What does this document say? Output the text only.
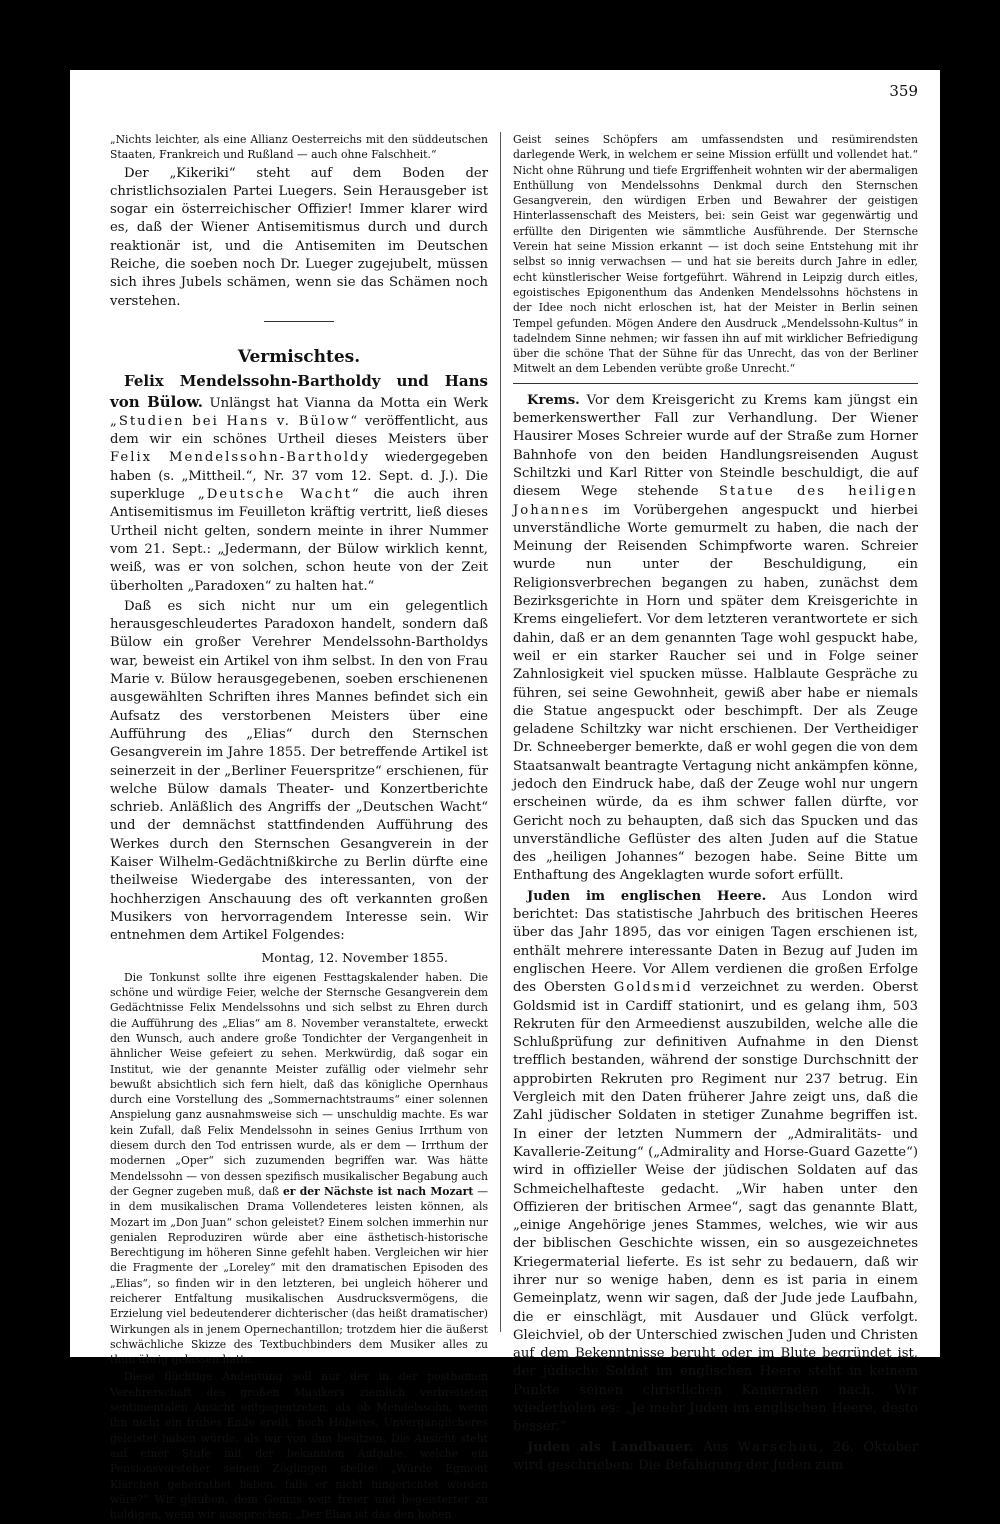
359

„Nichts leichter, als eine Allianz Oesterreichs mit den süddeutschen Staaten, Frankreich und Rußland — auch ohne Falschheit.“

Der „Kikeriki“ steht auf dem Boden der christlichsozialen Partei Luegers. Sein Herausgeber ist sogar ein österreichischer Offizier! Immer klarer wird es, daß der Wiener Antisemitismus durch und durch reaktionär ist, und die Antisemiten im Deutschen Reiche, die soeben noch Dr. Lueger zugejubelt, müssen sich ihres Jubels schämen, wenn sie das Schämen noch verstehen.

Vermischtes.

Felix Mendelssohn-Bartholdy und Hans von Bülow. Unlängst hat Vianna da Motta ein Werk „Studien bei Hans v. Bülow“ veröffentlicht, aus dem wir ein schönes Urtheil dieses Meisters über Felix Mendelssohn-Bartholdy wiedergegeben haben (s. „Mittheil.“, Nr. 37 vom 12. Sept. d. J.). Die superkluge „Deutsche Wacht“ die auch ihren Antisemitismus im Feuilleton kräftig vertritt, ließ dieses Urtheil nicht gelten, sondern meinte in ihrer Nummer vom 21. Sept.: „Jedermann, der Bülow wirklich kennt, weiß, was er von solchen, schon heute von der Zeit überholten „Paradoxen“ zu halten hat.“

Daß es sich nicht nur um ein gelegentlich herausgeschleudertes Paradoxon handelt, sondern daß Bülow ein großer Verehrer Mendelssohn-Bartholdys war, beweist ein Artikel von ihm selbst. In den von Frau Marie v. Bülow herausgegebenen, soeben erschienenen ausgewählten Schriften ihres Mannes befindet sich ein Aufsatz des verstorbenen Meisters über eine Aufführung des „Elias“ durch den Sternschen Gesangverein im Jahre 1855. Der betreffende Artikel ist seinerzeit in der „Berliner Feuerspritze“ erschienen, für welche Bülow damals Theater- und Konzertberichte schrieb. Anläßlich des Angriffs der „Deutschen Wacht“ und der demnächst stattfindenden Aufführung des Werkes durch den Sternschen Gesangverein in der Kaiser Wilhelm-Gedächtnißkirche zu Berlin dürfte eine theilweise Wiedergabe des interessanten, von der hochherzigen Anschauung des oft verkannten großen Musikers von hervorragendem Interesse sein. Wir entnehmen dem Artikel Folgendes:

Montag, 12. November 1855.

Die Tonkunst sollte ihre eigenen Festtagskalender haben. Die schöne und würdige Feier, welche der Sternsche Gesangverein dem Gedächtnisse Felix Mendelssohns und sich selbst zu Ehren durch die Aufführung des „Elias“ am 8. November veranstaltete, erweckt den Wunsch, auch andere große Tondichter der Vergangenheit in ähnlicher Weise gefeiert zu sehen. Merkwürdig, daß sogar ein Institut, wie der genannte Meister zufällig oder vielmehr sehr bewußt absichtlich sich fern hielt, daß das königliche Opernhaus durch eine Vorstellung des „Sommernachtstraums“ einer solennen Anspielung ganz ausnahmsweise sich — unschuldig machte. Es war kein Zufall, daß Felix Mendelssohn in seines Genius Irrthum von diesem durch den Tod entrissen wurde, als er dem — Irrthum der modernen „Oper“ sich zuzumenden begriffen war. Was hätte Mendelssohn — von dessen spezifisch musikalischer Begabung auch der Gegner zugeben muß, daß er der Nächste ist nach Mozart — in dem musikalischen Drama Vollendeteres leisten können, als Mozart im „Don Juan“ schon geleistet? Einem solchen immerhin nur genialen Reproduziren würde aber eine ästhetisch-historische Berechtigung im höheren Sinne gefehlt haben. Vergleichen wir hier die Fragmente der „Loreley“ mit den dramatischen Episoden des „Elias“, so finden wir in den letzteren, bei ungleich höherer und reicherer Entfaltung musikalischen Ausdrucksvermögens, die Erzielung viel bedeutenderer dichterischer (das heißt dramatischer) Wirkungen als in jenem Opernechantillon; trotzdem hier die äußerst schwächliche Skizze des Textbuchbinders dem Musiker alles zu thun übrig gelassen hatte.

Diese flüchtige Andeutung soll nur der in der posthumen Verehrerschaft des großen Musikers ziemlich verbreiteten sentimentalen Ansicht entgegentreten, als ob Mendelssohn, wenn ihn nicht ein frühes Ende ereilt, noch Höheres, Unvergänglicheres geleistet haben würde, als wir von ihm besitzen. Die Ansicht steht auf einer Stufe mit der bekannten Aufgabe, welche ein Pensionsvorsteher seinen Zöglingen stellte: „Würde Egmont Klärchen geheirathet haben, falls er nicht hingerichtet worden wäre?“ Wir glauben, dem Genius weit freier und begeisterter zu huldigen, wenn wir aussprechen: „Der Elias ist das den hohen

Geist seines Schöpfers am umfassendsten und resümirendsten darlegende Werk, in welchem er seine Mission erfüllt und vollendet hat.“ Nicht ohne Rührung und tiefe Ergriffenheit wohnten wir der abermaligen Enthüllung von Mendelssohns Denkmal durch den Sternschen Gesangverein, den würdigen Erben und Bewahrer der geistigen Hinterlassenschaft des Meisters, bei: sein Geist war gegenwärtig und erfüllte den Dirigenten wie sämmtliche Ausführende. Der Sternsche Verein hat seine Mission erkannt — ist doch seine Entstehung mit ihr selbst so innig verwachsen — und hat sie bereits durch Jahre in edler, echt künstlerischer Weise fortgeführt. Während in Leipzig durch eitles, egoistisches Epigonenthum das Andenken Mendelssohns höchstens in der Idee noch nicht erloschen ist, hat der Meister in Berlin seinen Tempel gefunden. Mögen Andere den Ausdruck „Mendelssohn-Kultus“ in tadelndem Sinne nehmen; wir fassen ihn auf mit wirklicher Befriedigung über die schöne That der Sühne für das Unrecht, das von der Berliner Mitwelt an dem Lebenden verübte große Unrecht.“

Krems. Vor dem Kreisgericht zu Krems kam jüngst ein bemerkenswerther Fall zur Verhandlung. Der Wiener Hausirer Moses Schreier wurde auf der Straße zum Horner Bahnhofe von den beiden Handlungsreisenden August Schiltzki und Karl Ritter von Steindle beschuldigt, die auf diesem Wege stehende Statue des heiligen Johannes im Vorübergehen angespuckt und hierbei unverständliche Worte gemurmelt zu haben, die nach der Meinung der Reisenden Schimpfworte waren. Schreier wurde nun unter der Beschuldigung, ein Religionsverbrechen begangen zu haben, zunächst dem Bezirksgerichte in Horn und später dem Kreisgerichte in Krems eingeliefert. Vor dem letzteren verantwortete er sich dahin, daß er an dem genannten Tage wohl gespuckt habe, weil er ein starker Raucher sei und in Folge seiner Zahnlosigkeit viel spucken müsse. Halblaute Gespräche zu führen, sei seine Gewohnheit, gewiß aber habe er niemals die Statue angespuckt oder beschimpft. Der als Zeuge geladene Schiltzky war nicht erschienen. Der Vertheidiger Dr. Schneeberger bemerkte, daß er wohl gegen die von dem Staatsanwalt beantragte Vertagung nicht ankämpfen könne, jedoch den Eindruck habe, daß der Zeuge wohl nur ungern erscheinen würde, da es ihm schwer fallen dürfte, vor Gericht noch zu behaupten, daß sich das Spucken und das unverständliche Geflüster des alten Juden auf die Statue des „heiligen Johannes“ bezogen habe. Seine Bitte um Enthaftung des Angeklagten wurde sofort erfüllt.

Juden im englischen Heere. Aus London wird berichtet: Das statistische Jahrbuch des britischen Heeres über das Jahr 1895, das vor einigen Tagen erschienen ist, enthält mehrere interessante Daten in Bezug auf Juden im englischen Heere. Vor Allem verdienen die großen Erfolge des Obersten Goldsmid verzeichnet zu werden. Oberst Goldsmid ist in Cardiff stationirt, und es gelang ihm, 503 Rekruten für den Armeedienst auszubilden, welche alle die Schlußprüfung zur definitiven Aufnahme in den Dienst trefflich bestanden, während der sonstige Durchschnitt der approbirten Rekruten pro Regiment nur 237 betrug. Ein Vergleich mit den Daten früherer Jahre zeigt uns, daß die Zahl jüdischer Soldaten in stetiger Zunahme begriffen ist. In einer der letzten Nummern der „Admiralitäts- und Kavallerie-Zeitung“ („Admirality and Horse-Guard Gazette“) wird in offizieller Weise der jüdischen Soldaten auf das Schmeichelhafteste gedacht. „Wir haben unter den Offizieren der britischen Armee“, sagt das genannte Blatt, „einige Angehörige jenes Stammes, welches, wie wir aus der biblischen Geschichte wissen, ein so ausgezeichnetes Kriegermaterial lieferte. Es ist sehr zu bedauern, daß wir ihrer nur so wenige haben, denn es ist paria in einem Gemeinplatz, wenn wir sagen, daß der Jude jede Laufbahn, die er einschlägt, mit Ausdauer und Glück verfolgt. Gleichviel, ob der Unterschied zwischen Juden und Christen auf dem Bekenntnisse beruht oder im Blute begründet ist, der jüdische Soldat im englischen Heere steht in keinem Punkte seinen christlichen Kameraden nach. Wir wiederholen es: „Je mehr Juden im englischen Heere, desto besser.“

Juden als Landbauer. Aus Warschau, 26. Oktober wird geschrieben: Die Befähigung der Juden zum
